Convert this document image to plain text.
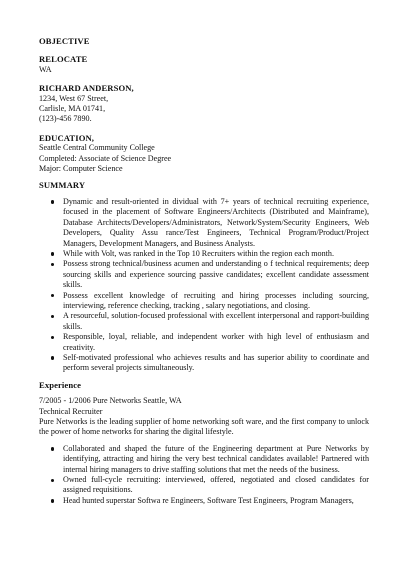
OBJECTIVE
RELOCATE
WA
RICHARD ANDERSON,
1234, West 67 Street,
Carlisle, MA 01741,
(123)-456 7890.
EDUCATION,
Seattle Central Community College
Completed: Associate of Science Degree
Major: Computer Science
SUMMARY
Dynamic and result-oriented in dividual with 7+ years of technical recruiting experience, focused in the placement of Software Engineers/Architects (Distributed and Mainframe), Database Architects/Developers/Administrators, Network/System/Security Engineers, Web Developers, Quality Assu rance/Test Engineers, Technical Program/Product/Project Managers, Development Managers, and Business Analysts.
While with Volt, was ranked in the Top 10 Recruiters within the region each month.
Possess strong technical/business acumen and understanding o f technical requirements; deep sourcing skills and experience sourcing passive candidates; excellent candidate assessment skills.
Possess excellent knowledge of recruiting and hiring processes including sourcing, interviewing, reference checking, tracking , salary negotiations, and closing.
A resourceful, solution-focused professional with excellent interpersonal and rapport-building skills.
Responsible, loyal, reliable, and independent worker with high level of enthusiasm and creativity.
Self-motivated professional who achieves results and has superior ability to coordinate and perform several projects simultaneously.
Experience
7/2005 - 1/2006 Pure Networks Seattle, WA
Technical Recruiter
Pure Networks is the leading supplier of home networking soft ware, and the first company to unlock the power of home networks for sharing the digital lifestyle.
Collaborated and shaped the future of the Engineering department at Pure Networks by identifying, attracting and hiring the very best technical candidates available! Partnered with internal hiring managers to drive staffing solutions that met the needs of the business.
Owned full-cycle recruiting: interviewed, offered, negotiated and closed candidates for assigned requisitions.
Head hunted superstar Softwa re Engineers, Software Test Engineers, Program Managers,
